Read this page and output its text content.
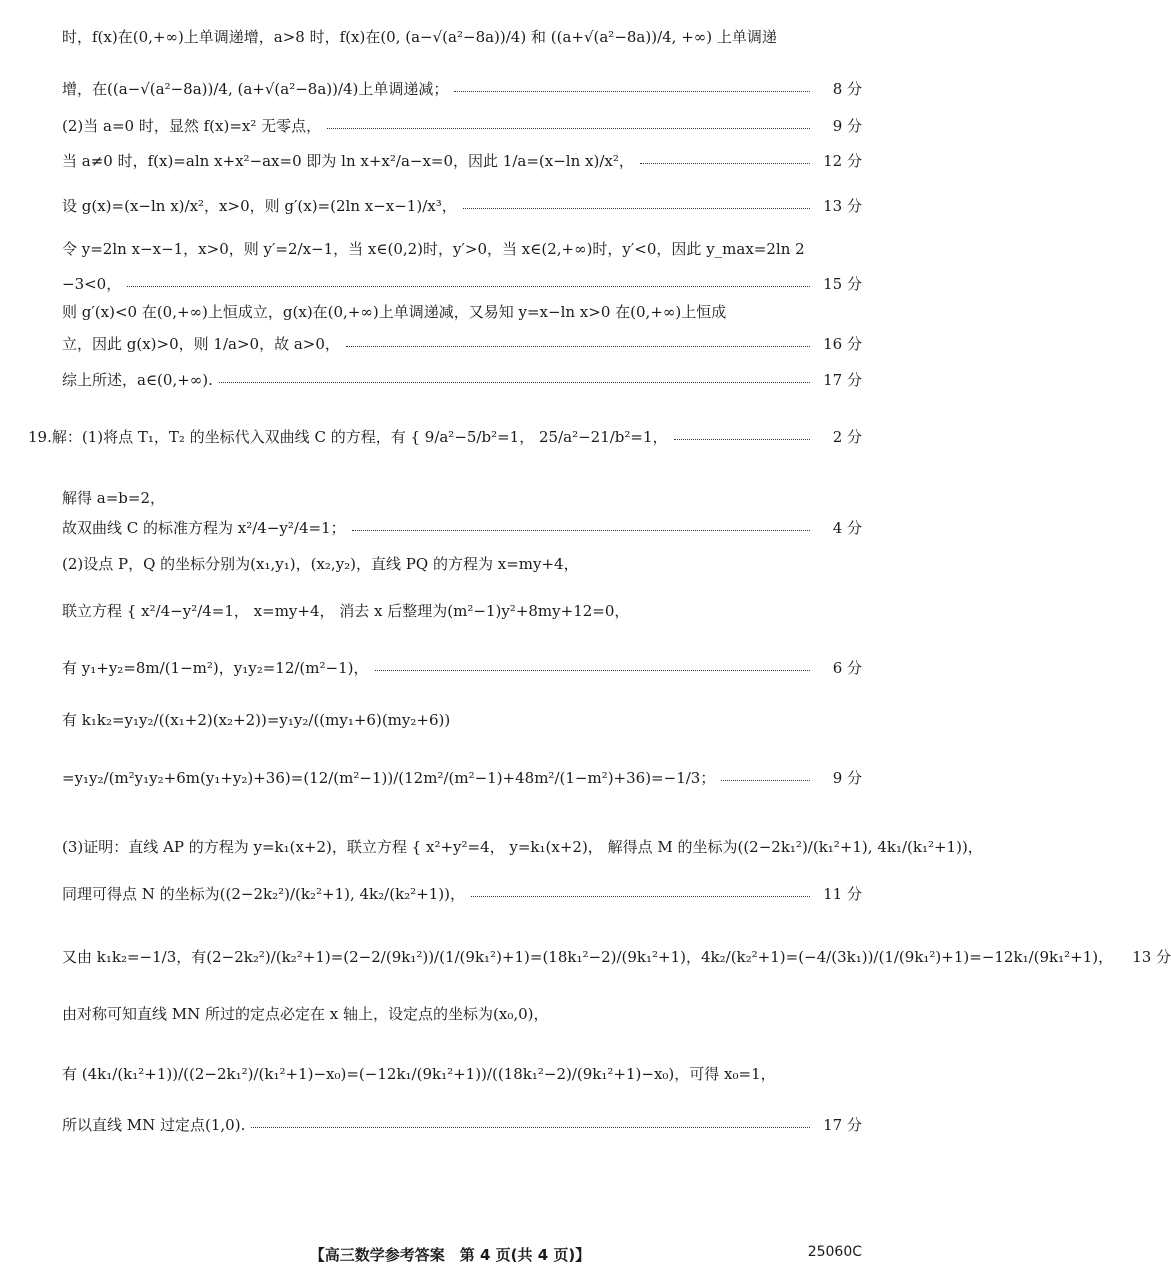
时，f(x)在(0,+∞)上单调递增，a>8 时，f(x)在(0, (a−√(a²−8a))/4) 和 ((a+√(a²−8a))/4, +∞) 上单调递
增，在((a−√(a²−8a))/4, (a+√(a²−8a))/4)上单调递减；	8 分
(2)当 a=0 时，显然 f(x)=x² 无零点，	9 分
当 a≠0 时，f(x)=aln x+x²−ax=0 即为 ln x+x²/a−x=0，因此 1/a=(x−ln x)/x²，	12 分
设 g(x)=(x−ln x)/x²，x>0，则 g′(x)=(2ln x−x−1)/x³，	13 分
令 y=2ln x−x−1，x>0，则 y′=2/x−1，当 x∈(0,2)时，y′>0，当 x∈(2,+∞)时，y′<0，因此 y_max=2ln 2
−3<0，	15 分
则 g′(x)<0 在(0,+∞)上恒成立，g(x)在(0,+∞)上单调递减，又易知 y=x−ln x>0 在(0,+∞)上恒成
立，因此 g(x)>0，则 1/a>0，故 a>0，	16 分
综上所述，a∈(0,+∞).	17 分
19.解：(1)将点 T₁，T₂ 的坐标代入双曲线 C 的方程，有 { 9/a²−5/b²=1， 25/a²−21/b²=1，	2 分
解得 a=b=2，
故双曲线 C 的标准方程为 x²/4−y²/4=1；	4 分
(2)设点 P，Q 的坐标分别为(x₁,y₁)，(x₂,y₂)，直线 PQ 的方程为 x=my+4，
联立方程 { x²/4−y²/4=1， x=my+4， 消去 x 后整理为(m²−1)y²+8my+12=0，
有 y₁+y₂=8m/(1−m²)，y₁y₂=12/(m²−1)，	6 分
有 k₁k₂=y₁y₂/((x₁+2)(x₂+2))=y₁y₂/((my₁+6)(my₂+6))
=y₁y₂/(m²y₁y₂+6m(y₁+y₂)+36)=(12/(m²−1))/(12m²/(m²−1)+48m²/(1−m²)+36)=−1/3；	9 分
(3)证明：直线 AP 的方程为 y=k₁(x+2)，联立方程 { x²+y²=4， y=k₁(x+2)， 解得点 M 的坐标为((2−2k₁²)/(k₁²+1), 4k₁/(k₁²+1))，
同理可得点 N 的坐标为((2−2k₂²)/(k₂²+1), 4k₂/(k₂²+1))，	11 分
又由 k₁k₂=−1/3，有(2−2k₂²)/(k₂²+1)=(2−2/(9k₁²))/(1/(9k₁²)+1)=(18k₁²−2)/(9k₁²+1)，4k₂/(k₂²+1)=(−4/(3k₁))/(1/(9k₁²)+1)=−12k₁/(9k₁²+1)，	13 分
由对称可知直线 MN 所过的定点必定在 x 轴上，设定点的坐标为(x₀,0)，
有 (4k₁/(k₁²+1))/((2−2k₁²)/(k₁²+1)−x₀)=(−12k₁/(9k₁²+1))/((18k₁²−2)/(9k₁²+1)−x₀)，可得 x₀=1，
所以直线 MN 过定点(1,0).	17 分
【高三数学参考答案　第 4 页(共 4 页)】	25060C
